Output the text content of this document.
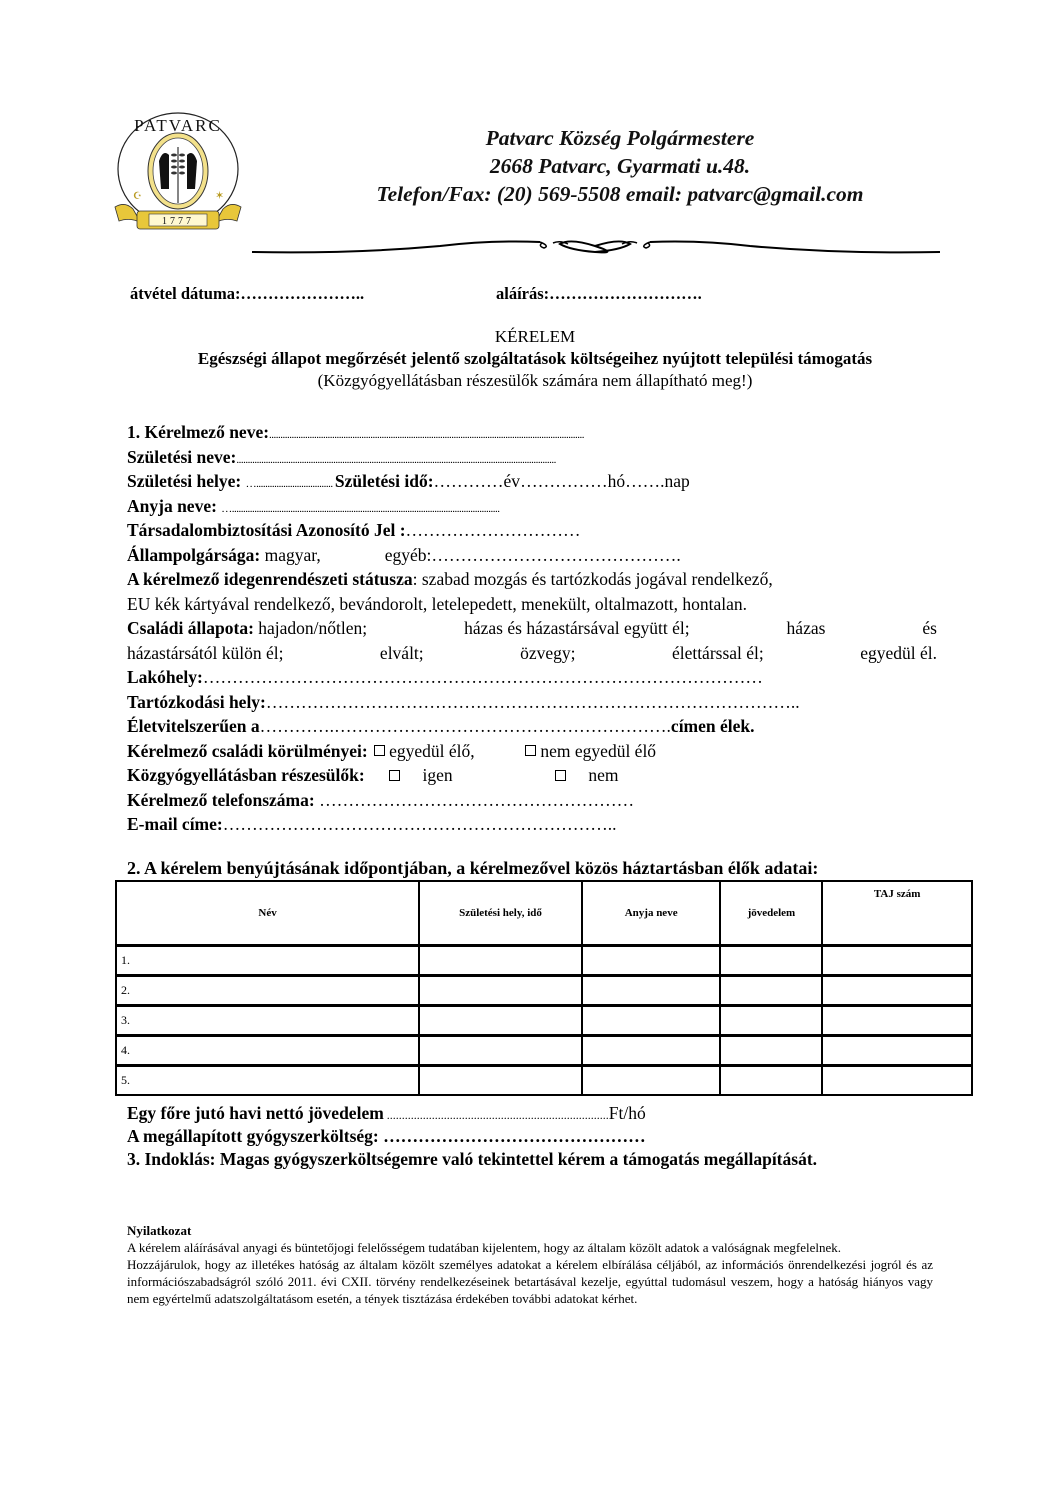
PATVARC
1777
☪	✶
Patvarc Község Polgármestere
2668 Patvarc, Gyarmati u.48.
Telefon/Fax: (20) 569-5508 email: patvarc@gmail.com
átvétel dátuma:…………………..	aláírás:……………………….
KÉRELEM
Egészségi állapot megőrzését jelentő szolgáltatások költségeihez nyújtott települési támogatás
(Közgyógyellátásban részesülők számára nem állapítható meg!)
1. Kérelmező neve:............................................................................................................................................
Születési neve:..............................................................................................................................................
Születési helye: ….................................. Születési idő:…………év……………hó…….nap
Anyja neve: ….......................................................................................................................
Társadalombiztosítási Azonosító Jel :…………………………
Állampolgársága: magyar,	egyéb:…………………………………….
A kérelmező idegenrendészeti státusza: szabad mozgás és tartózkodás jogával rendelkező,
EU kék kártyával rendelkező, bevándorolt, letelepedett, menekült, oltalmazott, hontalan.
Családi állapota: hajadon/nőtlen;	házas és házastársával együtt él;	házas	és
házastársától külön él;	elvált;	özvegy;	élettárssal él;	egyedül él.
Lakóhely:……………………………………………………………………………………
Tartózkodási hely:………………………………………………………………………………..
Életvitelszerűen a………….………………………………………………….címen élek.
Kérelmező családi körülményei: egyedül élő,	nem egyedül élő
Közgyógyellátásban részesülők:	igen	nem
Kérelmező telefonszáma: ………………………………………………
E-mail címe:…………………………………………………………..
2. A kérelem benyújtásának időpontjában, a kérelmezővel közös háztartásban élők adatai:
Név	Születési hely, idő	Anyja neve	jövedelem	TAJ szám
1.				
2.				
3.				
4.				
5.				
Egy főre jutó havi nettó jövedelem ..........................................................................Ft/hó
A megállapított gyógyszerköltség: ………………………………………
3. Indoklás: Magas gyógyszerköltségemre való tekintettel kérem a támogatás megállapítását.

Nyilatkozat

A kérelem aláírásával anyagi és büntetőjogi felelősségem tudatában kijelentem, hogy az általam közölt adatok a valóságnak megfelelnek.

Hozzájárulok, hogy az illetékes hatóság az általam közölt személyes adatokat a kérelem elbírálása céljából, az információs önrendelkezési jogról és az információszabadságról szóló 2011. évi CXII. törvény rendelkezéseinek betartásával kezelje, egyúttal tudomásul veszem, hogy a hatóság hiányos vagy nem egyértelmű adatszolgáltatásom esetén, a tények tisztázása érdekében további adatokat kérhet.
